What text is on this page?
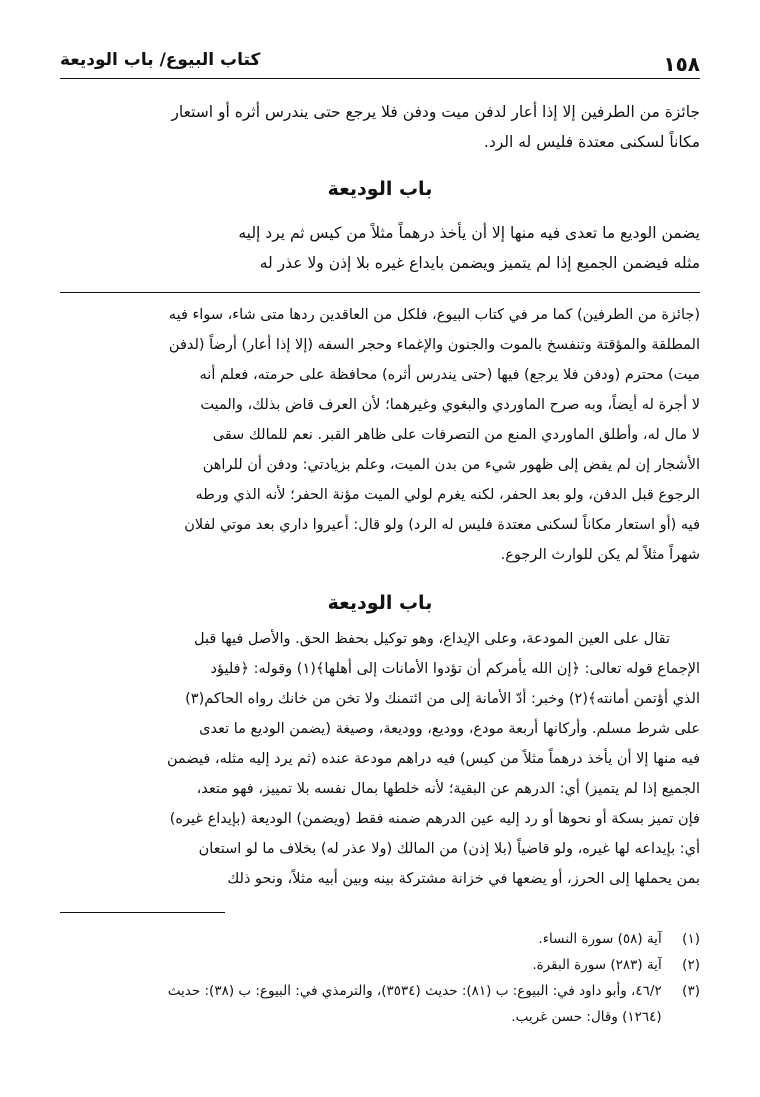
١٥٨
كتاب البيوع/ باب الوديعة
جائزة من الطرفين إلا إذا أعار لدفن ميت ودفن فلا يرجع حتى يندرس أثره أو استعار
مكاناً لسكنى معتدة فليس له الرد.
باب الوديعة
يضمن الوديع ما تعدى فيه منها إلا أن يأخذ درهماً مثلاً من كيس ثم يرد إليه
مثله فيضمن الجميع إذا لم يتميز ويضمن بايداع غيره بلا إذن ولا عذر له
(جائزة من الطرفين) كما مر في كتاب البيوع، فلكل من العاقدين ردها متى شاء، سواء فيه
المطلقة والمؤقتة وتنفسخ بالموت والجنون والإغماء وحجر السفه (إلا إذا أعار) أرضاً (لدفن
ميت) محترم (ودفن فلا يرجع) فيها (حتى يندرس أثره) محافظة على حرمته، فعلم أنه
لا أجرة له أيضاً، وبه صرح الماوردي والبغوي وغيرهما؛ لأن العرف قاض بذلك، والميت
لا مال له، وأطلق الماوردي المنع من التصرفات على ظاهر القبر. نعم للمالك سقى
الأشجار إن لم يفض إلى ظهور شيء من بدن الميت، وعلم بزيادتي: ودفن أن للراهن
الرجوع قبل الدفن، ولو بعد الحفر، لكنه يغرم لولي الميت مؤنة الحفر؛ لأنه الذي ورطه
فيه (أو استعار مكاناً لسكنى معتدة فليس له الرد) ولو قال: أعيروا داري بعد موتي لفلان
شهراً مثلاً لم يكن للوارث الرجوع.
باب الوديعة
تقال على العين المودعة، وعلى الإيداع، وهو توكيل بحفظ الحق. والأصل فيها قبل
الإجماع قوله تعالى: ﴿إن الله يأمركم أن تؤدوا الأمانات إلى أهلها﴾(١) وقوله: ﴿فليؤد
الذي أؤتمن أمانته﴾(٢) وخبر: أدّ الأمانة إلى من ائتمنك ولا تخن من خانك رواه الحاكم(٣)
على شرط مسلم. وأركانها أربعة مودع، ووديع، ووديعة، وصيغة (يضمن الوديع ما تعدى
فيه منها إلا أن يأخذ درهماً مثلاً من كيس) فيه دراهم مودعة عنده (ثم يرد إليه مثله، فيضمن
الجميع إذا لم يتميز) أي: الدرهم عن البقية؛ لأنه خلطها بمال نفسه بلا تمييز، فهو متعد،
فإن تميز بسكة أو نحوها أو رد إليه عين الدرهم ضمنه فقط (ويضمن) الوديعة (بإيداع غيره)
أي: بإيداعه لها غيره، ولو قاضياً (بلا إذن) من المالك (ولا عذر له) بخلاف ما لو استعان
بمن يحملها إلى الحرز، أو يضعها في خزانة مشتركة بينه وبين أبيه مثلاً، ونحو ذلك
(١) آية (٥٨) سورة النساء.
(٢) آية (٢٨٣) سورة البقرة.
(٣) ٤٦/٢، وأبو داود في: البيوع: ب (٨١): حديث (٣٥٣٤)، والترمذي في: البيوع: ب (٣٨): حديث
(١٢٦٤) وقال: حسن غريب.
